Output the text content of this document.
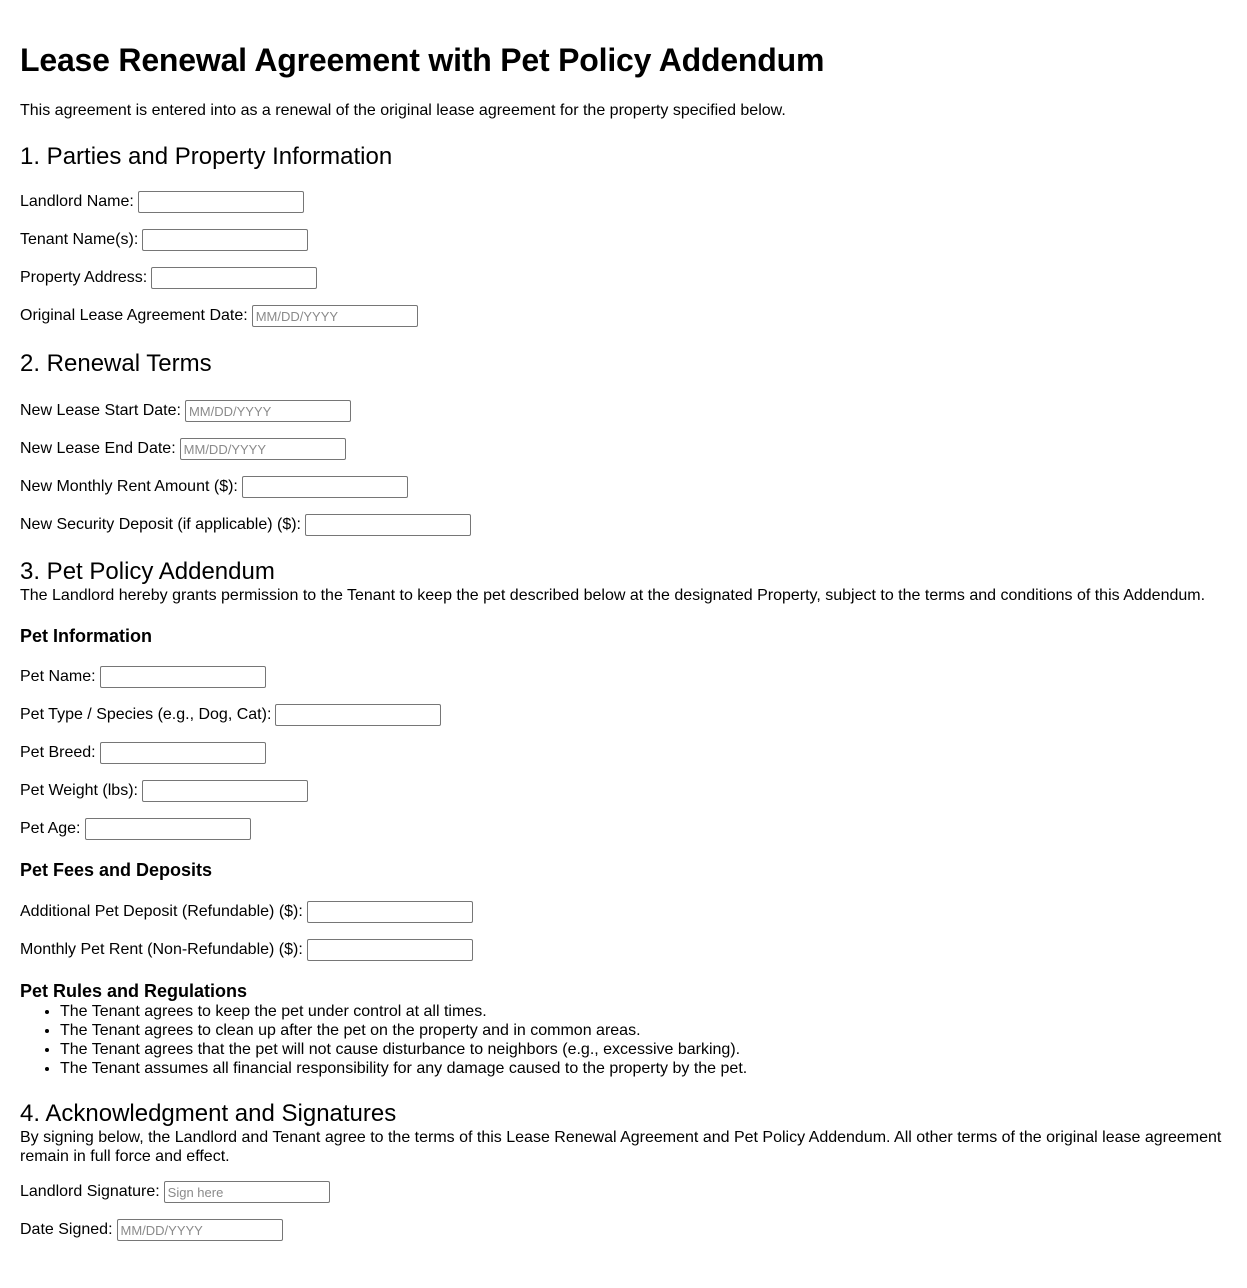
Lease Renewal Agreement with Pet Policy Addendum

This agreement is entered into as a renewal of the original lease agreement for the property specified below.

1. Parties and Property Information
Landlord Name:
Tenant Name(s):
Property Address:
Original Lease Agreement Date:
MM/DD/YYYY
2. Renewal Terms
New Lease Start Date:
MM/DD/YYYY
New Lease End Date:
MM/DD/YYYY
New Monthly Rent Amount ($):
New Security Deposit (if applicable) ($):
3. Pet Policy Addendum

The Landlord hereby grants permission to the Tenant to keep the pet described below at the designated Property, subject to the terms and conditions of this Addendum.

Pet Information
Pet Name:
Pet Type / Species (e.g., Dog, Cat):
Pet Breed:
Pet Weight (lbs):
Pet Age:
Pet Fees and Deposits
Additional Pet Deposit (Refundable) ($):
Monthly Pet Rent (Non-Refundable) ($):
Pet Rules and Regulations
• The Tenant agrees to keep the pet under control at all times.
• The Tenant agrees to clean up after the pet on the property and in common areas.
• The Tenant agrees that the pet will not cause disturbance to neighbors (e.g., excessive barking).
• The Tenant assumes all financial responsibility for any damage caused to the property by the pet.
4. Acknowledgment and Signatures

By signing below, the Landlord and Tenant agree to the terms of this Lease Renewal Agreement and Pet Policy Addendum. All other terms of the original lease agreement remain in full force and effect.

Landlord Signature:
Sign here
Date Signed:
MM/DD/YYYY
